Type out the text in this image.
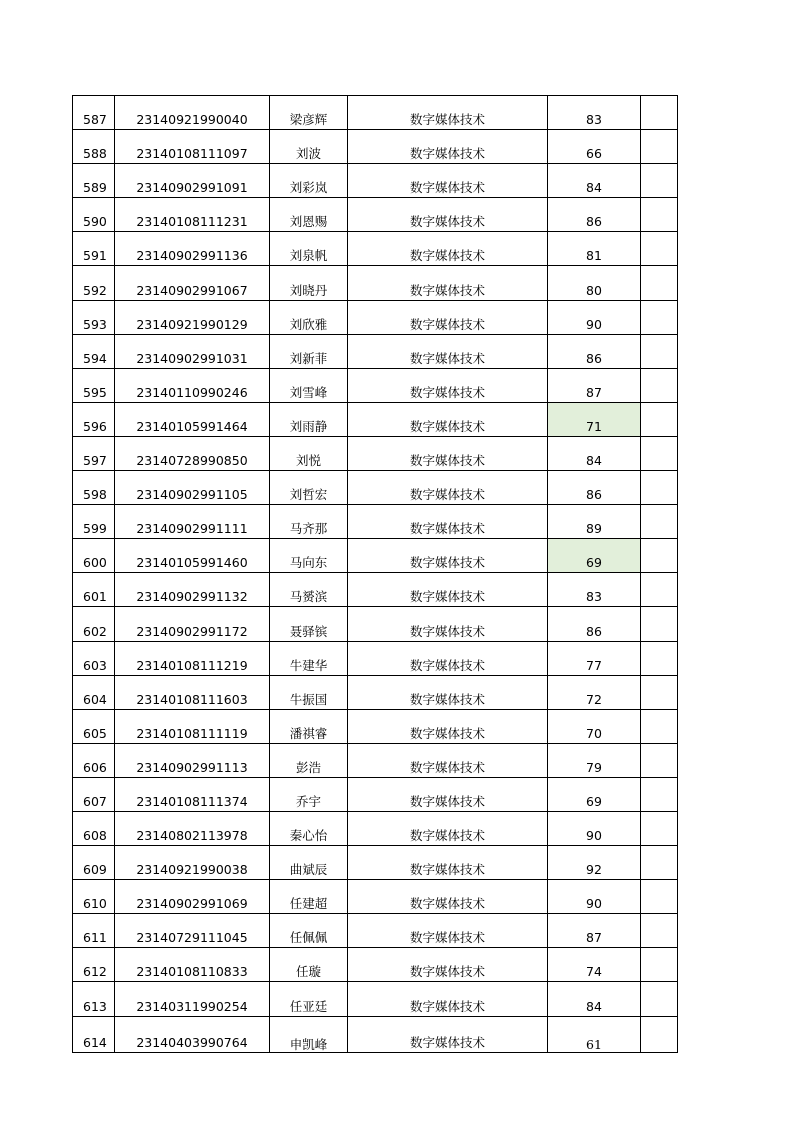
587	23140921990040	梁彦辉	数字媒体技术	83	
588	23140108111097	刘波	数字媒体技术	66	
589	23140902991091	刘彩岚	数字媒体技术	84	
590	23140108111231	刘恩赐	数字媒体技术	86	
591	23140902991136	刘泉帆	数字媒体技术	81	
592	23140902991067	刘晓丹	数字媒体技术	80	
593	23140921990129	刘欣雅	数字媒体技术	90	
594	23140902991031	刘新菲	数字媒体技术	86	
595	23140110990246	刘雪峰	数字媒体技术	87	
596	23140105991464	刘雨静	数字媒体技术	71	
597	23140728990850	刘悦	数字媒体技术	84	
598	23140902991105	刘哲宏	数字媒体技术	86	
599	23140902991111	马齐那	数字媒体技术	89	
600	23140105991460	马向东	数字媒体技术	69	
601	23140902991132	马赟滨	数字媒体技术	83	
602	23140902991172	聂驿镔	数字媒体技术	86	
603	23140108111219	牛建华	数字媒体技术	77	
604	23140108111603	牛振国	数字媒体技术	72	
605	23140108111119	潘祺睿	数字媒体技术	70	
606	23140902991113	彭浩	数字媒体技术	79	
607	23140108111374	乔宇	数字媒体技术	69	
608	23140802113978	秦心怡	数字媒体技术	90	
609	23140921990038	曲斌辰	数字媒体技术	92	
610	23140902991069	任建超	数字媒体技术	90	
611	23140729111045	任佩佩	数字媒体技术	87	
612	23140108110833	任璇	数字媒体技术	74	
613	23140311990254	任亚廷	数字媒体技术	84	
614	23140403990764	申凯峰	数字媒体技术	61	
